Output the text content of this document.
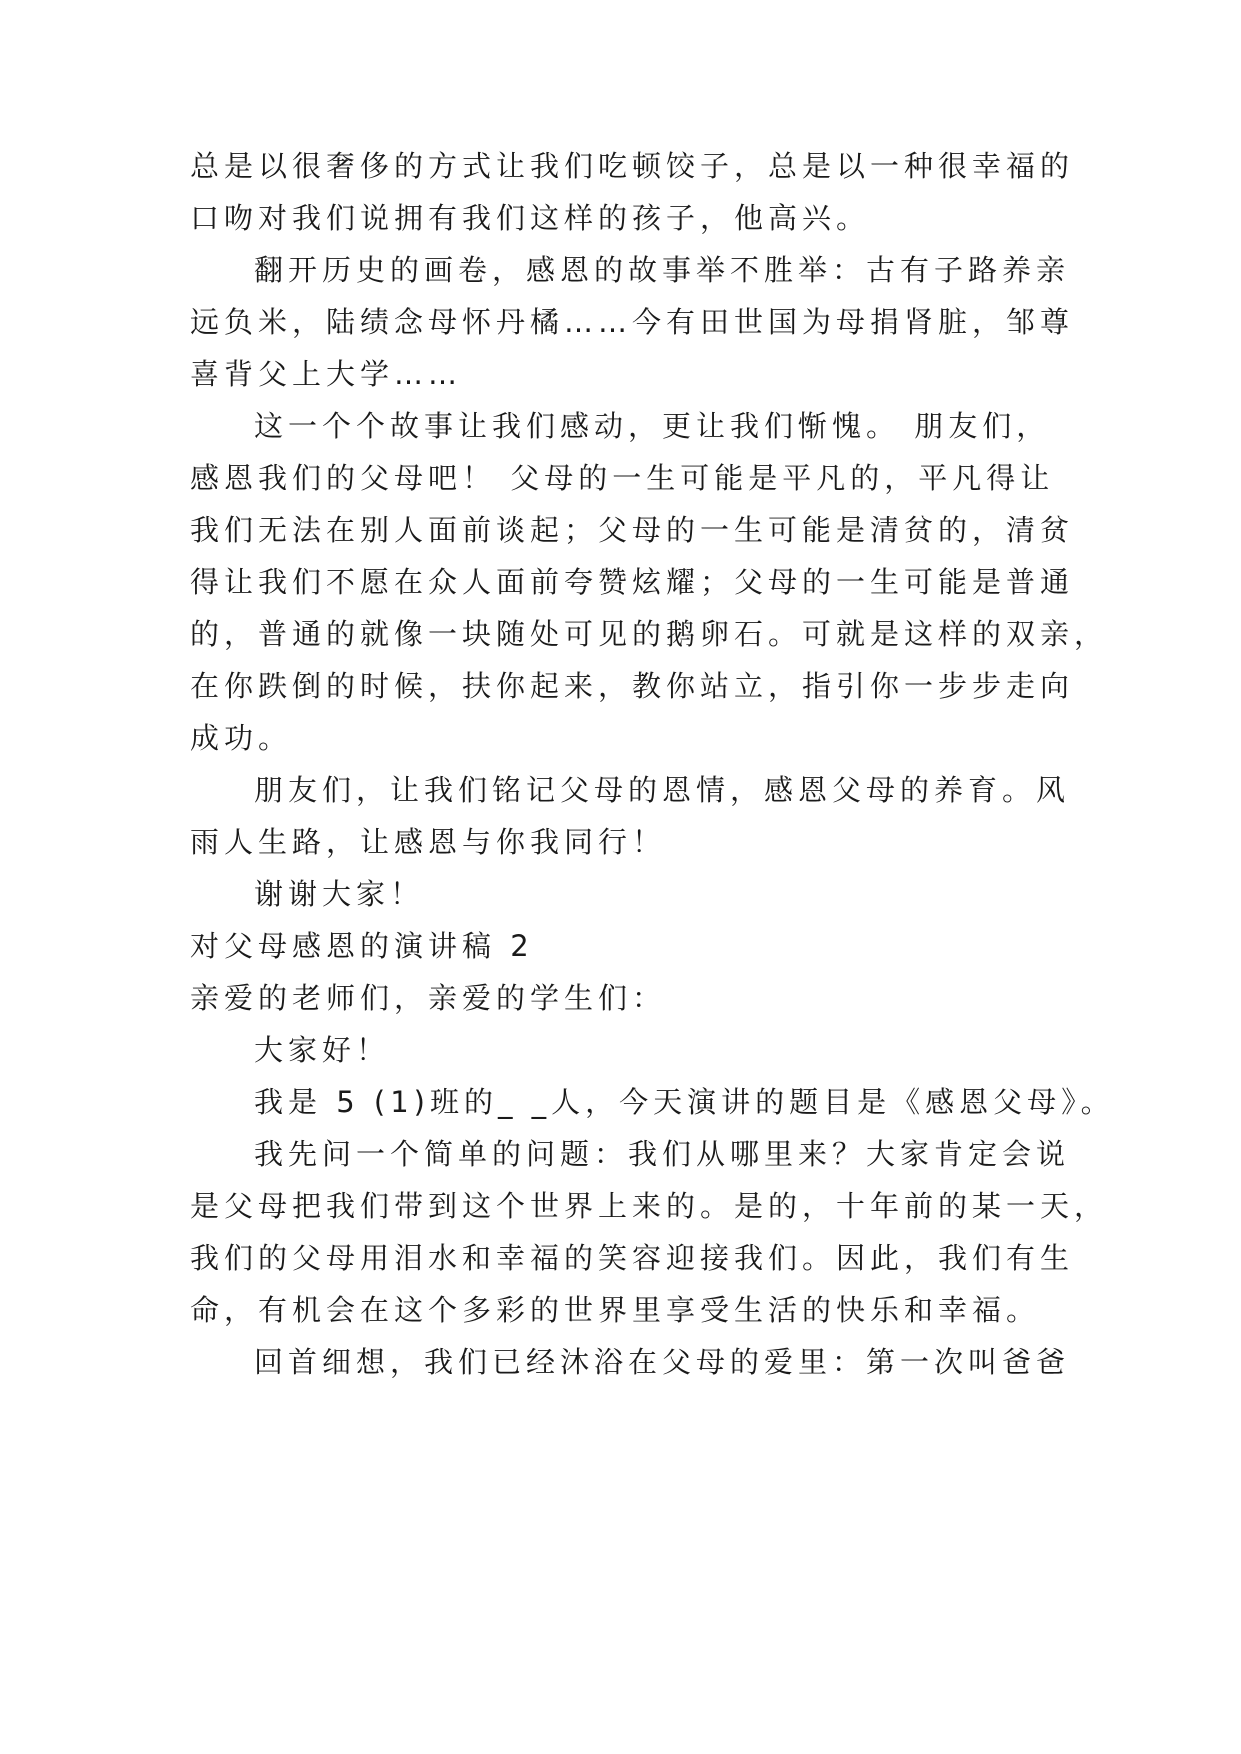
总是以很奢侈的方式让我们吃顿饺子，总是以一种很幸福的
口吻对我们说拥有我们这样的孩子，他高兴。
翻开历史的画卷，感恩的故事举不胜举：古有子路养亲
远负米，陆绩念母怀丹橘……今有田世国为母捐肾脏，邹尊
喜背父上大学……
这一个个故事让我们感动，更让我们惭愧。 朋友们，
感恩我们的父母吧！ 父母的一生可能是平凡的，平凡得让
我们无法在别人面前谈起；父母的一生可能是清贫的，清贫
得让我们不愿在众人面前夸赞炫耀；父母的一生可能是普通
的，普通的就像一块随处可见的鹅卵石。可就是这样的双亲，
在你跌倒的时候，扶你起来，教你站立，指引你一步步走向
成功。
朋友们，让我们铭记父母的恩情，感恩父母的养育。风
雨人生路，让感恩与你我同行！
谢谢大家！
对父母感恩的演讲稿 2
亲爱的老师们，亲爱的学生们：
大家好！
我是 5 (1)班的_ _人，今天演讲的题目是《感恩父母》。
我先问一个简单的问题：我们从哪里来？大家肯定会说
是父母把我们带到这个世界上来的。是的，十年前的某一天，
我们的父母用泪水和幸福的笑容迎接我们。因此，我们有生
命，有机会在这个多彩的世界里享受生活的快乐和幸福。
回首细想，我们已经沐浴在父母的爱里：第一次叫爸爸
